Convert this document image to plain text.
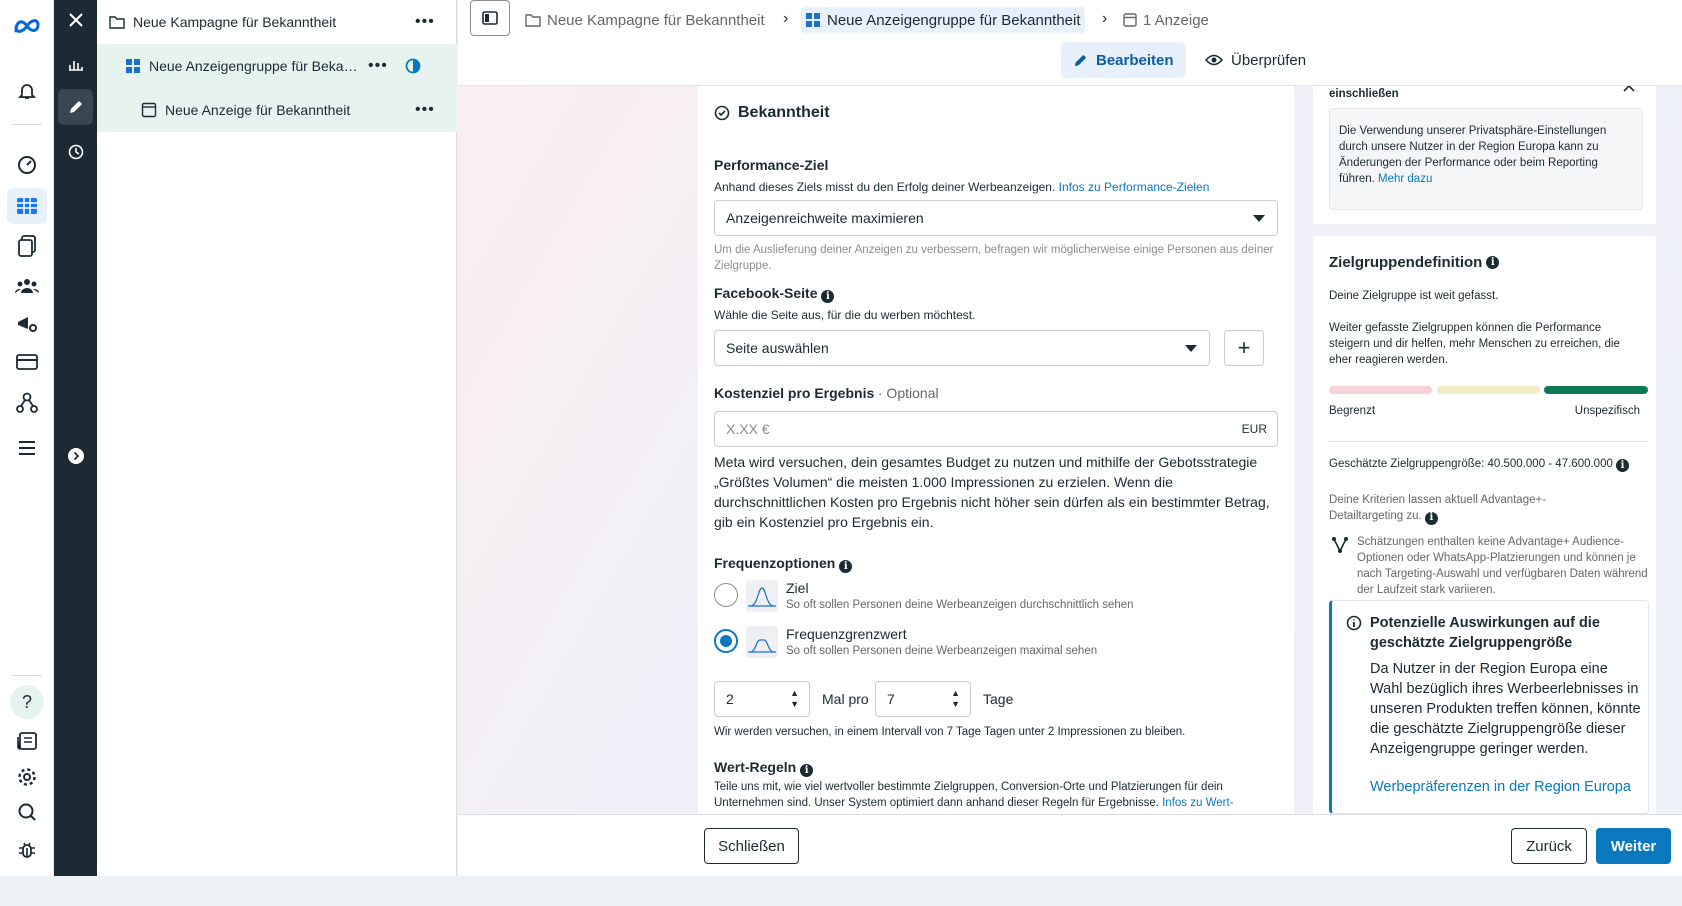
?
Neue Kampagne für Bekanntheit	•••
Neue Anzeigengruppe für Beka… •••
Neue Anzeige für Bekanntheit	•••
Neue Kampagne für Bekanntheit ›	Neue Anzeigengruppe für Bekanntheit › 1 Anzeige
Bearbeiten	Überprüfen
Bekanntheit
Performance-Ziel
Anhand dieses Ziels misst du den Erfolg deiner Werbeanzeigen. Infos zu Performance-Zielen
Anzeigenreichweite maximieren
Um die Auslieferung deiner Anzeigen zu verbessern, befragen wir möglicherweise einige Personen aus deiner Zielgruppe.
Facebook-Seite i
Wähle die Seite aus, für die du werben möchtest.
Seite auswählen	+
Kostenziel pro Ergebnis · Optional
X.XX €	EUR
Meta wird versuchen, dein gesamtes Budget zu nutzen und mithilfe der Gebotsstrategie „Größtes Volumen“ die meisten 1.000 Impressionen zu erzielen. Wenn die durchschnittlichen Kosten pro Ergebnis nicht höher sein dürfen als ein bestimmter Betrag, gib ein Kostenziel pro Ergebnis ein.
Frequenzoptionen i
Ziel
So oft sollen Personen deine Werbeanzeigen durchschnittlich sehen
Frequenzgrenzwert
So oft sollen Personen deine Werbeanzeigen maximal sehen
2	▲
▼ Mal pro 7	▲
▼ Tage
Wir werden versuchen, in einem Intervall von 7 Tage Tagen unter 2 Impressionen zu bleiben.
Wert-Regeln i
Teile uns mit, wie viel wertvoller bestimmte Zielgruppen, Conversion-Orte und Platzierungen für dein Unternehmen sind. Unser System optimiert dann anhand dieser Regeln für Ergebnisse. Infos zu Wert-
einschließen
Die Verwendung unserer Privatsphäre-Einstellungen durch unsere Nutzer in der Region Europa kann zu Änderungen der Performance oder beim Reporting führen. Mehr dazu
Zielgruppendefinition i
Deine Zielgruppe ist weit gefasst.
Weiter gefasste Zielgruppen können die Performance steigern und dir helfen, mehr Menschen zu erreichen, die eher reagieren werden.
Begrenzt	Unspezifisch
Geschätzte Zielgruppengröße: 40.500.000 - 47.600.000 i
Deine Kriterien lassen aktuell Advantage+-Detailtargeting zu. i
Schätzungen enthalten keine Advantage+ Audience-Optionen oder WhatsApp-Platzierungen und können je nach Targeting-Auswahl und verfügbaren Daten während der Laufzeit stark variieren.
Potenzielle Auswirkungen auf die geschätzte Zielgruppengröße
Da Nutzer in der Region Europa eine Wahl bezüglich ihres Werbeerlebnisses in unseren Produkten treffen können, könnte die geschätzte Zielgruppengröße dieser Anzeigengruppe geringer werden.
Werbepräferenzen in der Region Europa
Schließen	Zurück	Weiter
